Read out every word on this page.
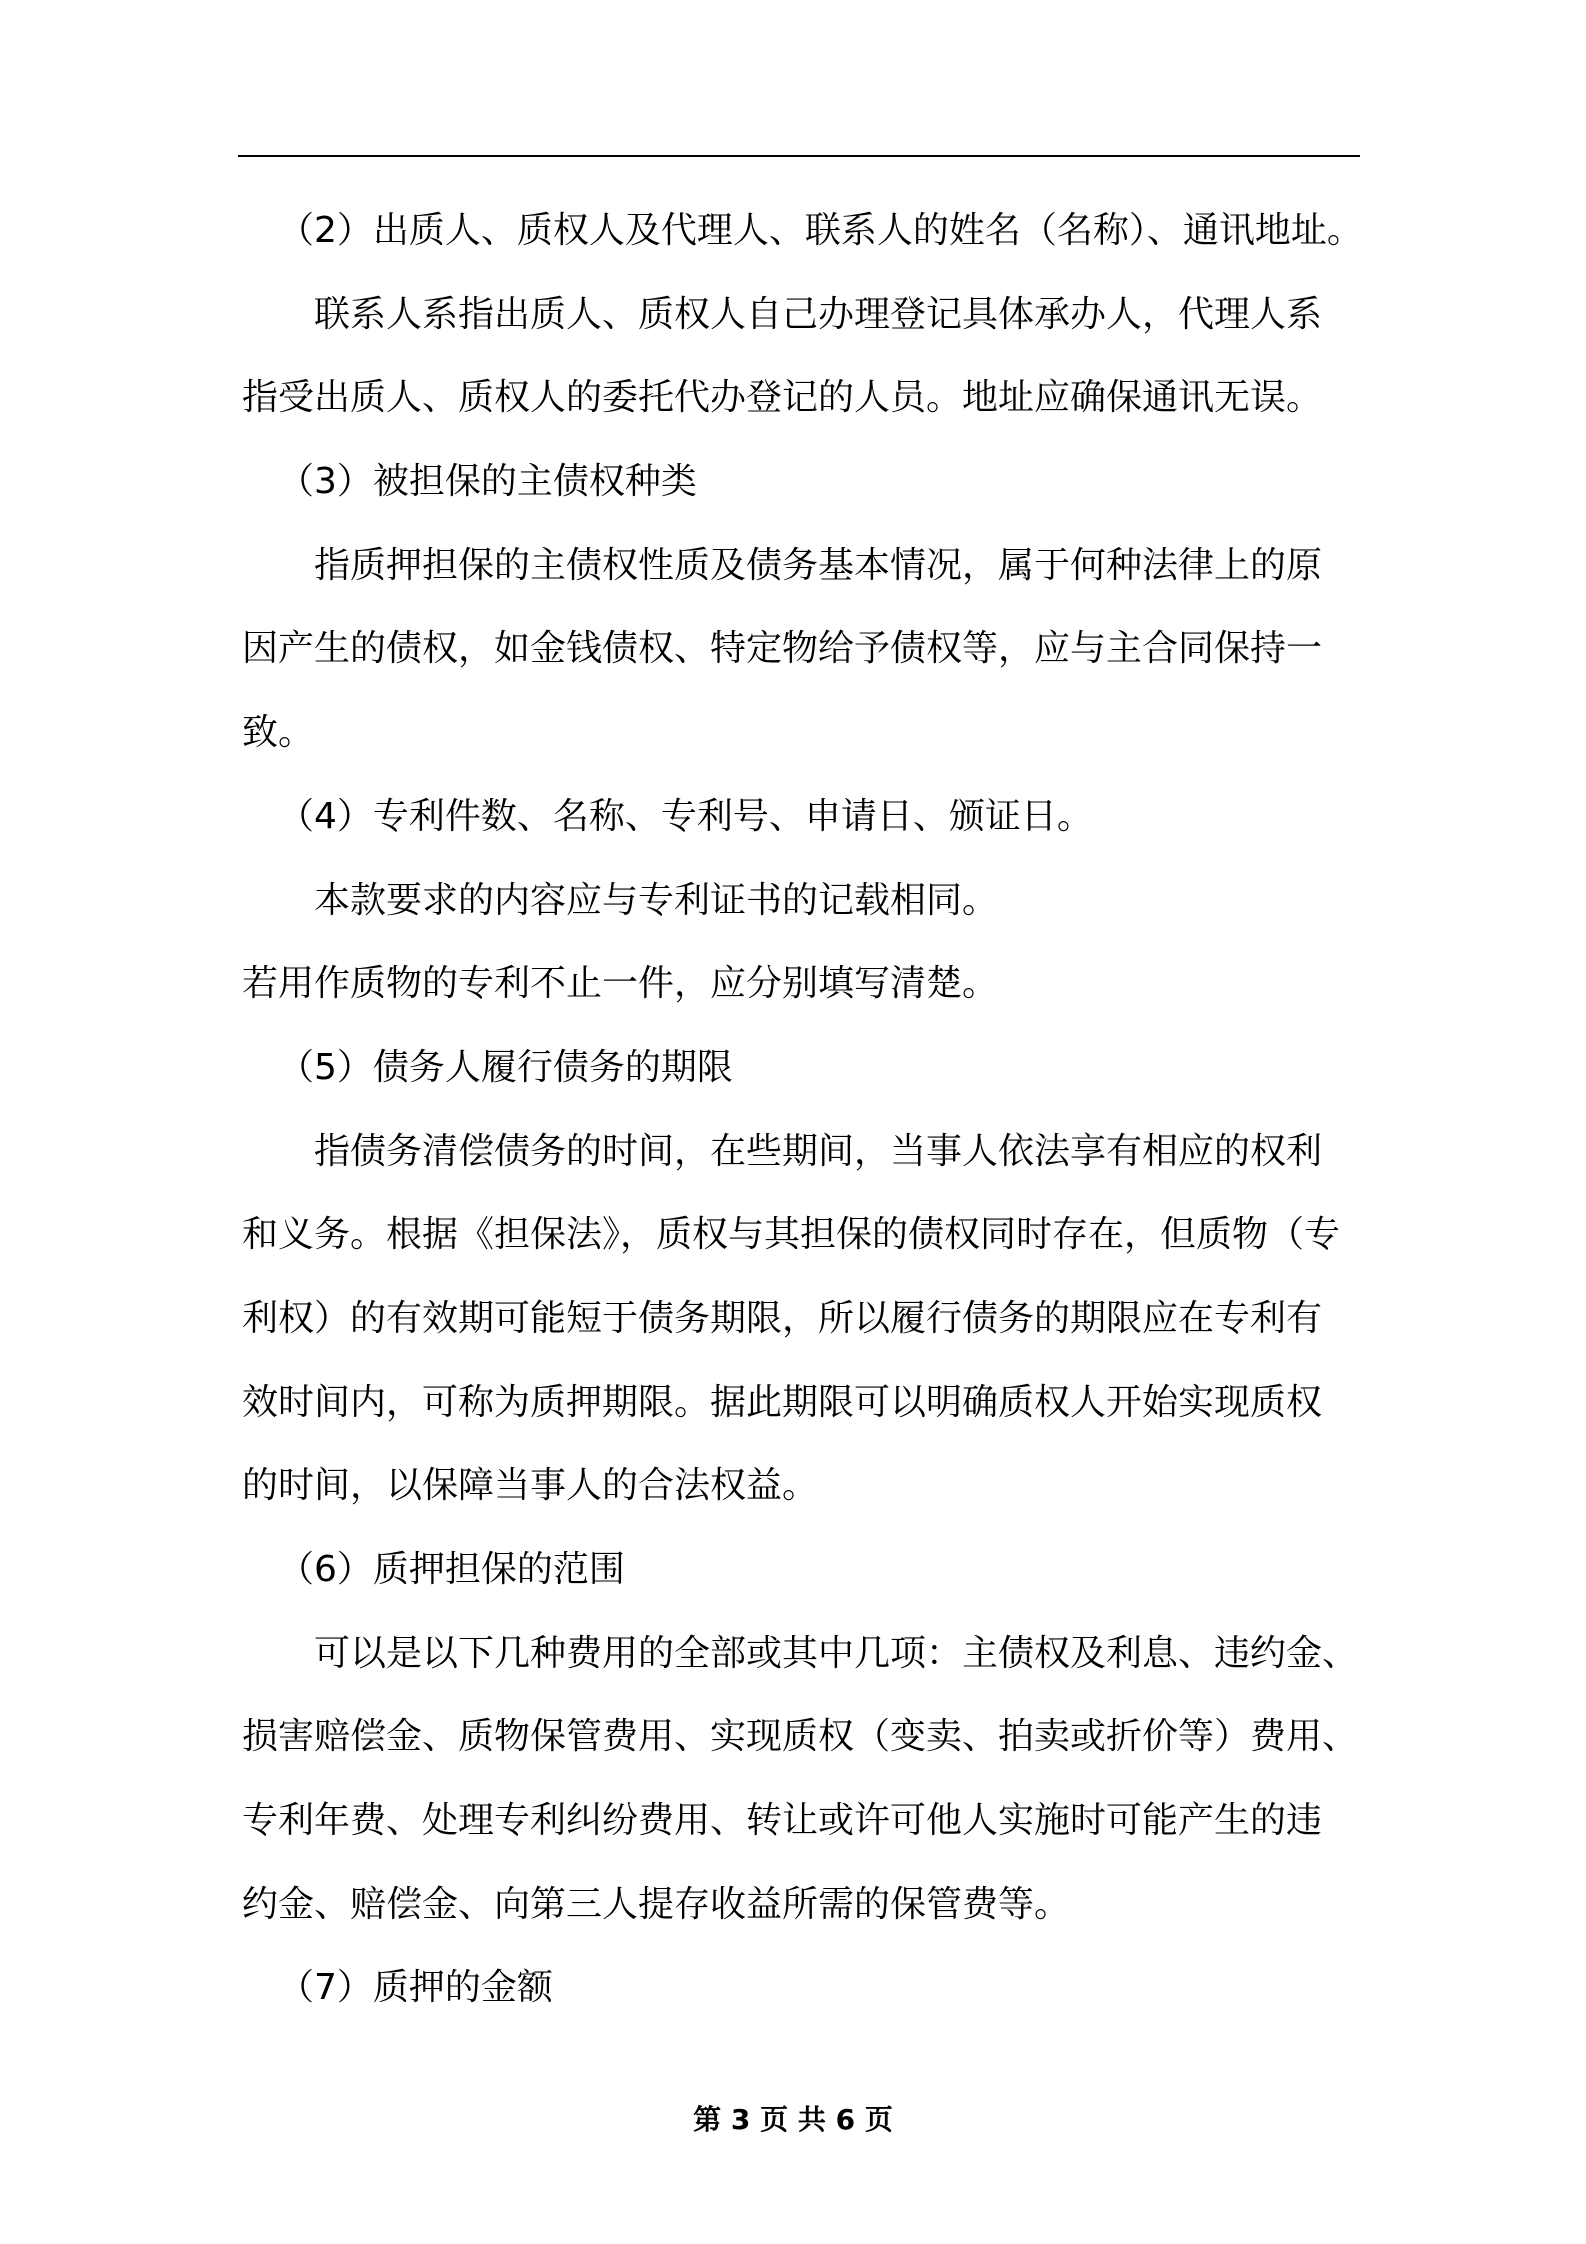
（2）出质人、质权人及代理人、联系人的姓名（名称）、通讯地址。
联系人系指出质人、质权人自己办理登记具体承办人，代理人系
指受出质人、质权人的委托代办登记的人员。地址应确保通讯无误。
（3）被担保的主债权种类
指质押担保的主债权性质及债务基本情况，属于何种法律上的原
因产生的债权，如金钱债权、特定物给予债权等，应与主合同保持一
致。
（4）专利件数、名称、专利号、申请日、颁证日。
本款要求的内容应与专利证书的记载相同。
若用作质物的专利不止一件，应分别填写清楚。
（5）债务人履行债务的期限
指债务清偿债务的时间，在些期间，当事人依法享有相应的权利
和义务。根据《担保法》，质权与其担保的债权同时存在，但质物（专
利权）的有效期可能短于债务期限，所以履行债务的期限应在专利有
效时间内，可称为质押期限。据此期限可以明确质权人开始实现质权
的时间，以保障当事人的合法权益。
（6）质押担保的范围
可以是以下几种费用的全部或其中几项：主债权及利息、违约金、
损害赔偿金、质物保管费用、实现质权（变卖、拍卖或折价等）费用、
专利年费、处理专利纠纷费用、转让或许可他人实施时可能产生的违
约金、赔偿金、向第三人提存收益所需的保管费等。
（7）质押的金额
第 3 页 共 6 页
